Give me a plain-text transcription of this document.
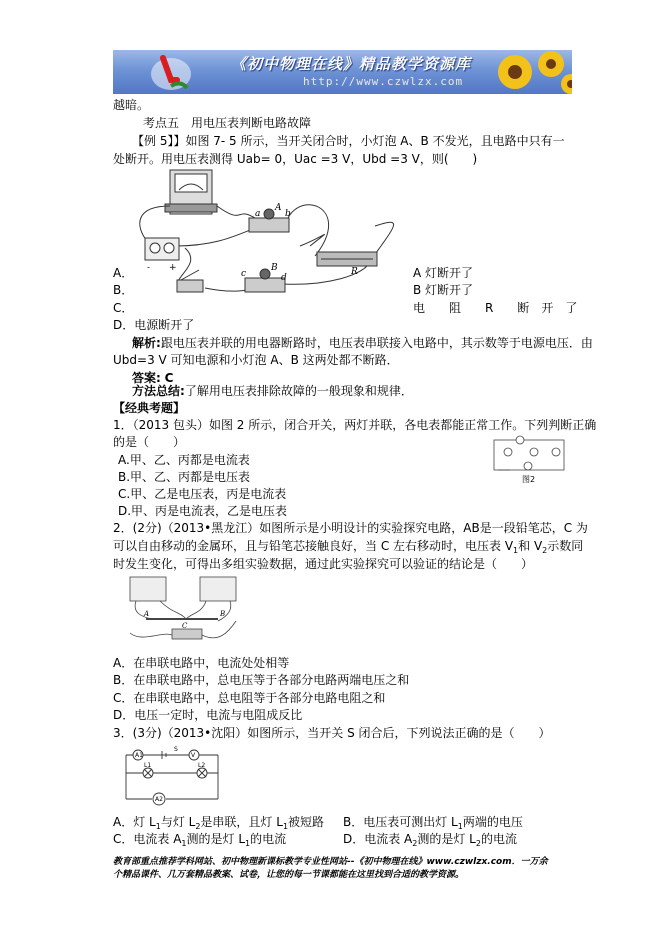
《初中物理在线》精品教学资源库
http://www.czwlzx.com
越暗。
考点五　用电压表判断电路故障
【例 5】】如图 7- 5 所示，当开关闭合时，小灯泡 A、B 不发光，且电路中只有一
处断开。用电压表测得 Uab= 0，Uac =3 V，Ubd =3 V，则(　　)
a
A
b
c
B
d
R
- +
A．	A 灯断开了
B．	B 灯断开了
C．	电　　阻　　R　　断　开　了
D．电源断开了
解析:跟电压表并联的用电器断路时，电压表串联接入电路中，其示数等于电源电压．由
Ubd=3 V 可知电源和小灯泡 A、B 这两处都不断路．
答案: C
方法总结:了解用电压表排除故障的一般现象和规律．
【经典考题】
1．（2013 包头）如图 2 所示，闭合开关，两灯并联，各电表都能正常工作。下列判断正确
的是（　　）
A.甲、乙、丙都是电流表
B.甲、乙、丙都是电压表
C.甲、乙是电压表，丙是电流表
D.甲、丙是电流表，乙是电压表
图2
2．(2分)（2013•黑龙江）如图所示是小明设计的实验探究电路，AB是一段铅笔芯，C 为
可以自由移动的金属环，且与铅笔芯接触良好，当 C 左右移动时，电压表 $V_1$和 $V_2$示数同
时发生变化，可得出多组实验数据，通过此实验探究可以验证的结论是（　　）
A
C
B
A．在串联电路中，电流处处相等
B．在串联电路中，总电压等于各部分电路两端电压之和
C．在串联电路中，总电阻等于各部分电路电阻之和
D．电压一定时，电流与电阻成反比
3．(3分)（2013•沈阳）如图所示，当开关 S 闭合后，下列说法正确的是（　　）
A1	V
S
L1	L2
A2
A．灯 $L_1$与灯 $L_2$是串联，且灯 $L_1$被短路 B．电压表可测出灯 $L_1$两端的电压
C．电流表 $A_1$测的是灯 $L_1$的电流	D．电流表 $A_2$测的是灯 $L_2$的电流
教育部重点推荐学科网站、初中物理新课标教学专业性网站--《初中物理在线》www.czwlzx.com．一万余
个精品课件、几万套精品教案、试卷，让您的每一节课都能在这里找到合适的教学资源。
